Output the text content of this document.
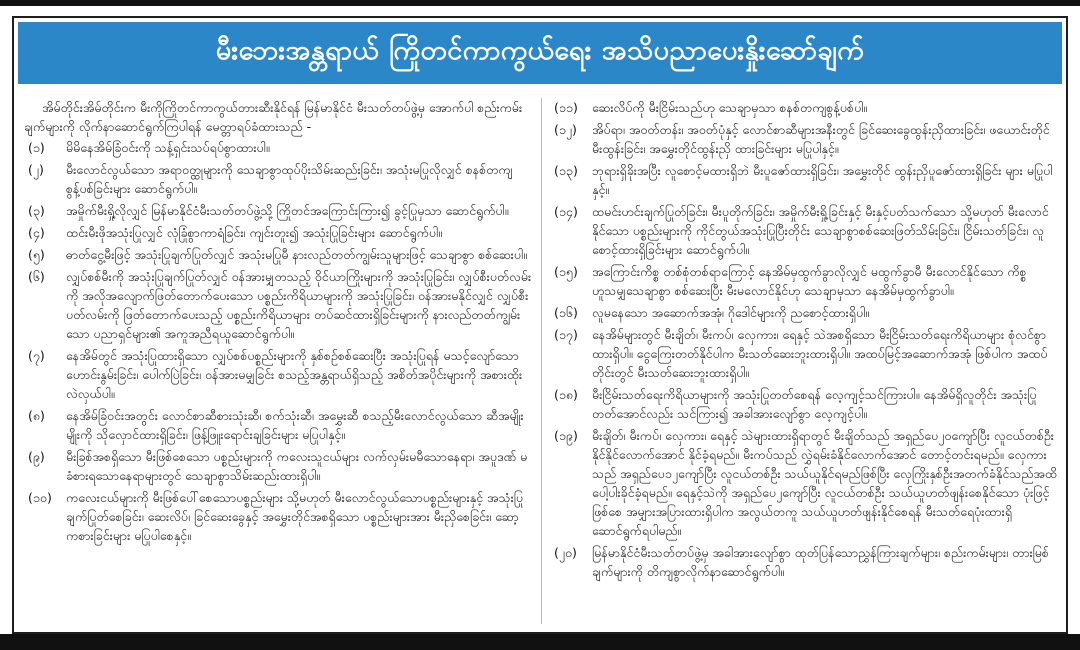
မီးဘေးအန္တရာယ် ကြိုတင်ကာကွယ်ရေး အသိပညာပေးနှိုးဆော်ချက်

အိမ်တိုင်းအိမ်တိုင်းက မီးကိုကြိုတင်ကာကွယ်တားဆီးနိုင်ရန် မြန်မာနိုင်ငံ မီးသတ်တပ်ဖွဲ့မှ အောက်ပါ စည်းကမ်းချက်များကို လိုက်နာဆောင်ရွက်ကြပါရန် မေတ္တာရပ်ခံထားသည် -

(၁)	မိမိနေအိမ်ခြံဝင်းကို သန့်ရှင်းသပ်ရပ်စွာထားပါ။
(၂)	မီးလောင်လွယ်သော အရာဝတ္ထုများကို သေချာစွာထုပ်ပိုးသိမ်းဆည်းခြင်း၊ အသုံးမပြုလိုလျှင် စနစ်တကျ စွန့်ပစ်ခြင်းများ ဆောင်ရွက်ပါ။
(၃)	အမှိုက်မီးရှို့လိုလျှင် မြန်မာနိုင်ငံမီးသတ်တပ်ဖွဲ့သို့ ကြိုတင်အကြောင်းကြား၍ ခွင့်ပြုမှသာ ဆောင်ရွက်ပါ။
(၄)	ထင်းမီးဖိုအသုံးပြုလျှင် လုံခြုံစွာကာရံခြင်း၊ ကျင်းတူး၍ အသုံးပြုခြင်းများ ဆောင်ရွက်ပါ။
(၅)	ဓာတ်ငွေ့မီးဖြင့် အသုံးပြုချက်ပြုတ်လျှင် အသုံးမပြုမီ နားလည်တတ်ကျွမ်းသူများဖြင့် သေချာစွာ စစ်ဆေးပါ။
(၆)	လျှပ်စစ်မီးကို အသုံးပြုချက်ပြုတ်လျှင် ဝန်အားမျှတသည့် ဝိုင်ယာကြိုးများကို အသုံးပြုခြင်း၊ လျှပ်စီးပတ်လမ်းကို အလိုအလျောက်ဖြတ်တောက်ပေးသော ပစ္စည်းကိရိယာများကို အသုံးပြုခြင်း၊ ဝန်အားမနိုင်လျှင် လျှပ်စီးပတ်လမ်းကို ဖြတ်တောက်ပေးသည့် ပစ္စည်းကိရိယာများ တပ်ဆင်ထားရှိခြင်းများကို နားလည်တတ်ကျွမ်းသော ပညာရှင်များ၏ အကူအညီရယူဆောင်ရွက်ပါ။
(၇)	နေအိမ်တွင် အသုံးပြုထားရှိသော လျှပ်စစ်ပစ္စည်းများကို နှစ်စဉ်စစ်ဆေးပြီး အသုံးပြုရန် မသင့်လျော်သော ဟောင်းနွမ်းခြင်း၊ ပေါက်ပြဲခြင်း၊ ဝန်အားမမျှခြင်း စသည့်အန္တရာယ်ရှိသည့် အစိတ်အပိုင်းများကို အစားထိုးလဲလှယ်ပါ။
(၈)	နေအိမ်ခြံဝင်းအတွင်း လောင်စာဆီစားသုံးဆီ၊ စက်သုံးဆီ၊ အမွှေးဆီ စသည့်မီးလောင်လွယ်သော ဆီအမျိုးမျိုးကို သိုလှောင်ထားရှိခြင်း၊ ဖြန့်ဖြူးရောင်းချခြင်းများ မပြုပါနှင့်။
(၉)	မီးခြစ်အစရှိသော မီးဖြစ်စေသော ပစ္စည်းများကို ကလေးသူငယ်များ လက်လှမ်းမမီသောနေရာ၊ အပူဒဏ် မခံစားရသောနေရာများတွင် သေချာစွာသိမ်းဆည်းထားရှိပါ။
(၁၀)	ကလေးငယ်များကို မီးဖြစ်ပေါ်စေသောပစ္စည်းများ သို့မဟုတ် မီးလောင်လွယ်သောပစ္စည်းများနှင့် အသုံးပြု ချက်ပြုတ်စေခြင်း၊ ဆေးလိပ်၊ ခြင်ဆေးခွေနှင့် အမွှေးတိုင်အစရှိသော ပစ္စည်းများအား မီးညှိစေခြင်း၊ ဆော့ကစားခြင်းများ မပြုပါစေနှင့်။
(၁၁)	ဆေးလိပ်ကို မီးငြိမ်းသည်ဟု သေချာမှသာ စနစ်တကျစွန့်ပစ်ပါ။
(၁၂)	အိပ်ရာ၊ အဝတ်တန်း၊ အဝတ်ပုံနှင့် လောင်စာဆီများအနီးတွင် ခြင်ဆေးခွေထွန်းညှိထားခြင်း၊ ဖယောင်းတိုင် မီးထွန်းခြင်း၊ အမွှေးတိုင်ထွန်းညှိ ထားခြင်းများ မပြုပါနှင့်။
(၁၃)	ဘုရားရှိခိုးအပြီး လူစောင့်မထားရှိဘဲ မီးပူဇော်ထားရှိခြင်း၊ အမွှေးတိုင် ထွန်းညှိပူဇော်ထားရှိခြင်း များ မပြုပါနှင့်။
(၁၄)	ထမင်းဟင်းချက်ပြုတ်ခြင်း၊ မီးပူတိုက်ခြင်း၊ အမှိုက်မီးရှို့ခြင်းနှင့် မီးနှင့်ပတ်သက်သော သို့မဟုတ် မီးလောင်နိုင်သော ပစ္စည်းများကို ကိုင်တွယ်အသုံးပြုပြီးတိုင်း သေချာစွာစစ်ဆေးဖြတ်သိမ်းခြင်း၊ ငြိမ်းသတ်ခြင်း၊ လူစောင့်ထားရှိခြင်းများ ဆောင်ရွက်ပါ။
(၁၅)	အကြောင်းကိစ္စ တစ်စုံတစ်ရာကြောင့် နေအိမ်မှထွက်ခွာလိုလျှင် မထွက်ခွာမီ မီးလောင်နိုင်သော ကိစ္စဟူသမျှသေချာစွာ စစ်ဆေးပြီး မီးမလောင်နိုင်ဟု သေချာမှသာ နေအိမ်မှထွက်ခွာပါ။
(၁၆)	လူမနေသော အဆောက်အအုံ၊ ဂိုဒေါင်များကို ညစောင့်ထားရှိပါ။
(၁၇)	နေအိမ်များတွင် မီးချိတ်၊ မီးကပ်၊ လှေကား၊ ရေနှင့် သဲအစရှိသော မီးငြိမ်းသတ်ရေးကိရိယာများ စုံလင်စွာထားရှိပါ။ ငွေကြေးတတ်နိုင်ပါက မီးသတ်ဆေးဘူးထားရှိပါ။ အထပ်မြင့်အဆောက်အအုံ ဖြစ်ပါက အထပ်တိုင်းတွင် မီးသတ်ဆေးဘူးထားရှိပါ။
(၁၈)	မီးငြိမ်းသတ်ရေးကိရိယာများကို အသုံးပြုတတ်စေရန် လေ့ကျင့်သင်ကြားပါ။ နေအိမ်ရှိလူတိုင်း အသုံးပြုတတ်အောင်လည်း သင်ကြား၍ အခါအားလျော်စွာ လေ့ကျင့်ပါ။
(၁၉)	မီးချိတ်၊ မီးကပ်၊ လှေကား၊ ရေနှင့် သဲများထားရှိရာတွင် မီးချိတ်သည် အရှည်ပေ၂၀ကျော်ပြီး လူငယ်တစ်ဦး နိုင်နိုင်လောက်အောင် နိုင်ခံ့ရမည်။ မီးကပ်သည် လွှဲရမ်းခံနိုင်လောက်အောင် တောင့်တင်းရမည်။ လှေကားသည် အရှည်ပေ၁၂ကျော်ပြီး လူငယ်တစ်ဦး သယ်ယူနိုင်ရမည်ဖြစ်ပြီး လှေကြိုးနှစ်ဦးအတက်ခံနိုင်သည်အထိ ပေါ့ပါးခိုင်ခံ့ရမည်။ ရေနှင့်သဲကို အရှည်ပေ၂ကျော်ပြီး လူငယ်တစ်ဦး သယ်ယူဟတ်ဖျန်းစေနိုင်သော ပုံးဖြင့်ဖြစ်စေ အမျှားအပြားထားရှိပါက အလွယ်တကူ သယ်ယူဟတ်ဖျန်းနိုင်စေရန် မီးသတ်ရေပုံးထားရှိ ဆောင်ရွက်ရပါမည်။
(၂၀)	မြန်မာနိုင်ငံမီးသတ်တပ်ဖွဲ့မှ အခါအားလျော်စွာ ထုတ်ပြန်သောညွှန်ကြားချက်များ၊ စည်းကမ်းများ၊ တားမြစ်ချက်များကို တိကျစွာလိုက်နာဆောင်ရွက်ပါ။
